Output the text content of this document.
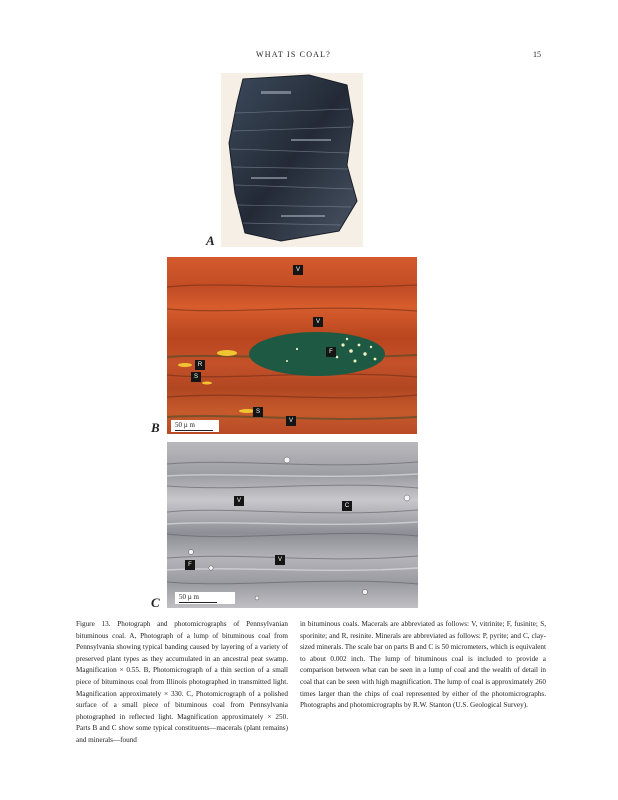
WHAT IS COAL?	15
A
V
V
F
R
S
S
V
50 µ m
B
V
C
V
F
50 µ m
C

Figure 13. Photograph and photomicrographs of Pennsylvanian bituminous coal. A, Photograph of a lump of bituminous coal from Pennsylvania showing typical banding caused by layering of a variety of preserved plant types as they accumulated in an ancestral peat swamp. Magnification × 0.55. B, Photomicrograph of a thin section of a small piece of bituminous coal from Illinois photographed in transmitted light. Magnification approximately × 330. C, Photomicrograph of a polished surface of a small piece of bituminous coal from Pennsylvania photographed in reflected light. Magnification approximately × 250. Parts B and C show some typical constituents—macerals (plant remains) and minerals—found

in bituminous coals. Macerals are abbreviated as follows: V, vitrinite; F, fusinite; S, sporinite; and R, resinite. Minerals are abbreviated as follows: P, pyrite; and C, clay-sized minerals. The scale bar on parts B and C is 50 micrometers, which is equivalent to about 0.002 inch. The lump of bituminous coal is included to provide a comparison between what can be seen in a lump of coal and the wealth of detail in coal that can be seen with high magnification. The lump of coal is approximately 260 times larger than the chips of coal represented by either of the photomicrographs. Photographs and photomicrographs by R.W. Stanton (U.S. Geological Survey).
